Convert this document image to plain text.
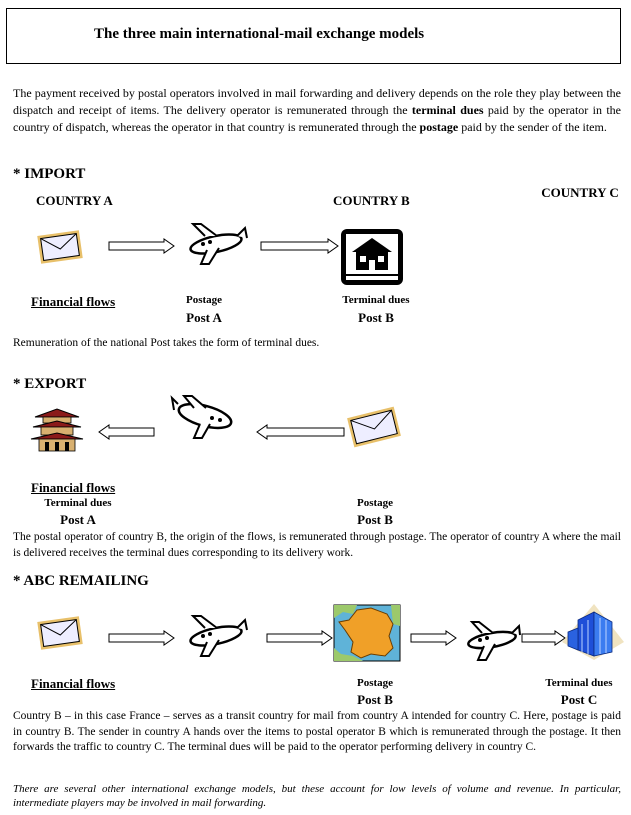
The three main international-mail exchange models
The payment received by postal operators involved in mail forwarding and delivery depends on the role they play between the dispatch and receipt of items. The delivery operator is remunerated through the terminal dues paid by the operator in the country of dispatch, whereas the operator in that country is remunerated through the postage paid by the sender of the item.
* IMPORT
COUNTRY A	COUNTRY B
COUNTRY C
Financial flows	Postage
Post A
Terminal dues
Post B
Remuneration of the national Post takes the form of terminal dues.
* EXPORT
Financial flows
Terminal dues
Post A
Postage
Post B
The postal operator of country B, the origin of the flows, is remunerated through postage. The operator of country A where the mail is delivered receives the terminal dues corresponding to its delivery work.
* ABC REMAILING
Financial flows	Postage
Post B
Terminal dues
Post C
Country B – in this case France – serves as a transit country for mail from country A intended for country C. Here, postage is paid in country B. The sender in country A hands over the items to postal operator B which is remunerated through the postage. It then forwards the traffic to country C. The terminal dues will be paid to the operator performing delivery in country C.
There are several other international exchange models, but these account for low levels of volume and revenue. In particular, intermediate players may be involved in mail forwarding.
